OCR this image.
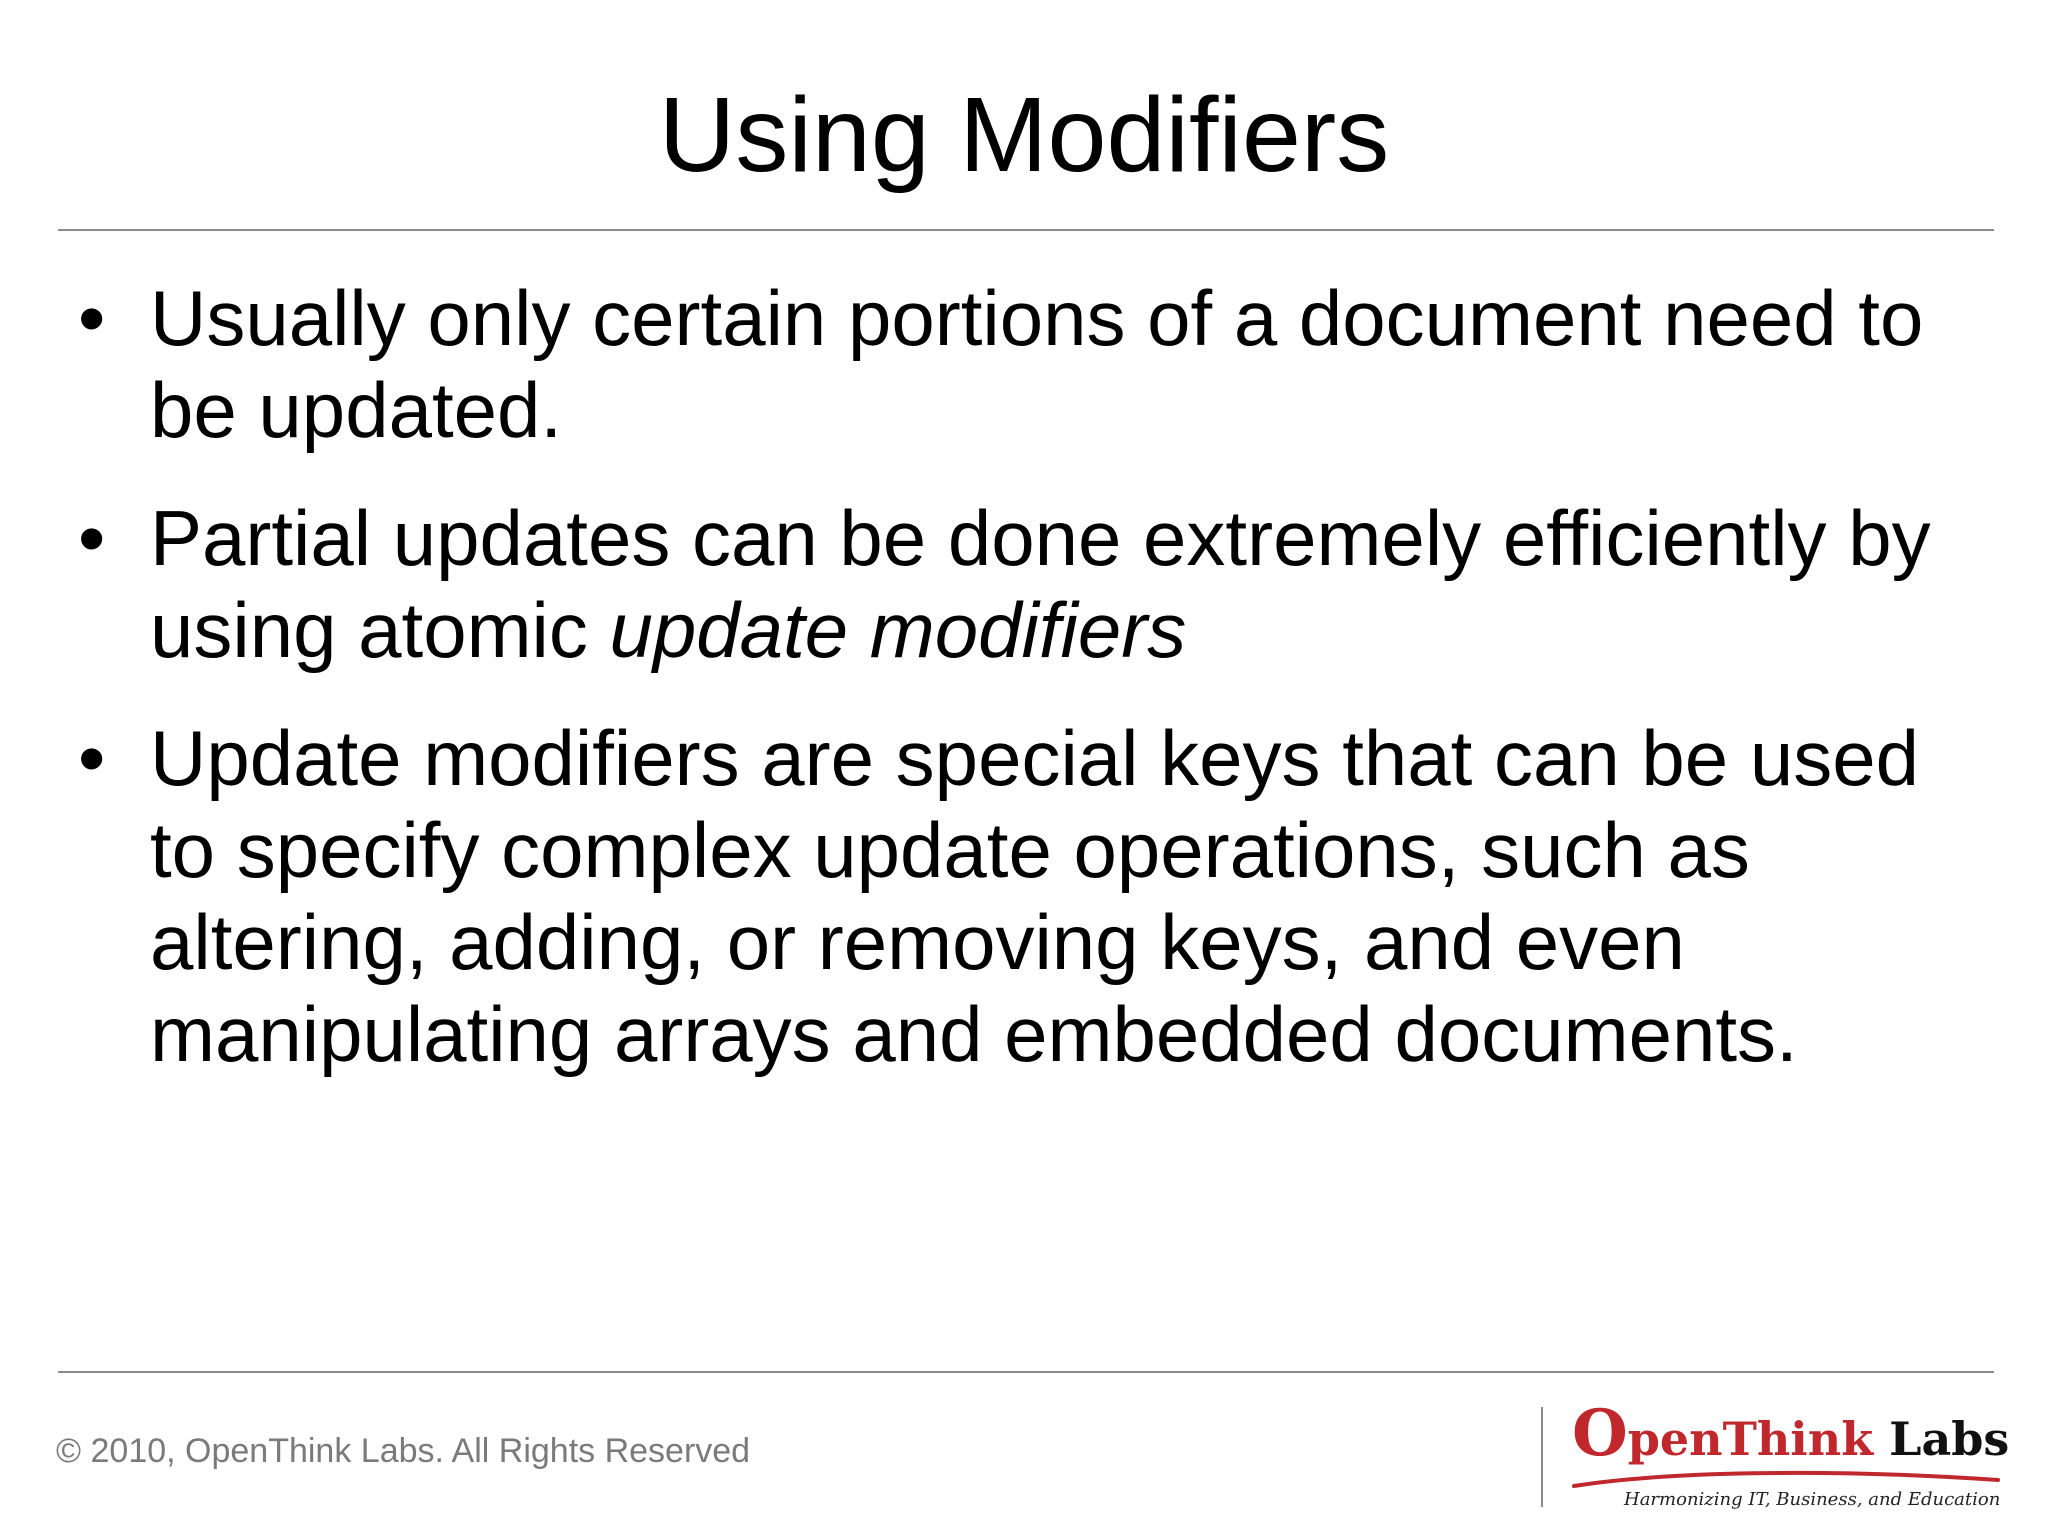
Using Modifiers
• Usually only certain portions of a document need to be updated.
• Partial updates can be done extremely efficiently by using atomic update modifiers
• Update modifiers are special keys that can be used to specify complex update operations, such as altering, adding, or removing keys, and even manipulating arrays and embedded documents.
© 2010, OpenThink Labs. All Rights Reserved	OpenThink Labs
Harmonizing IT, Business, and Education
